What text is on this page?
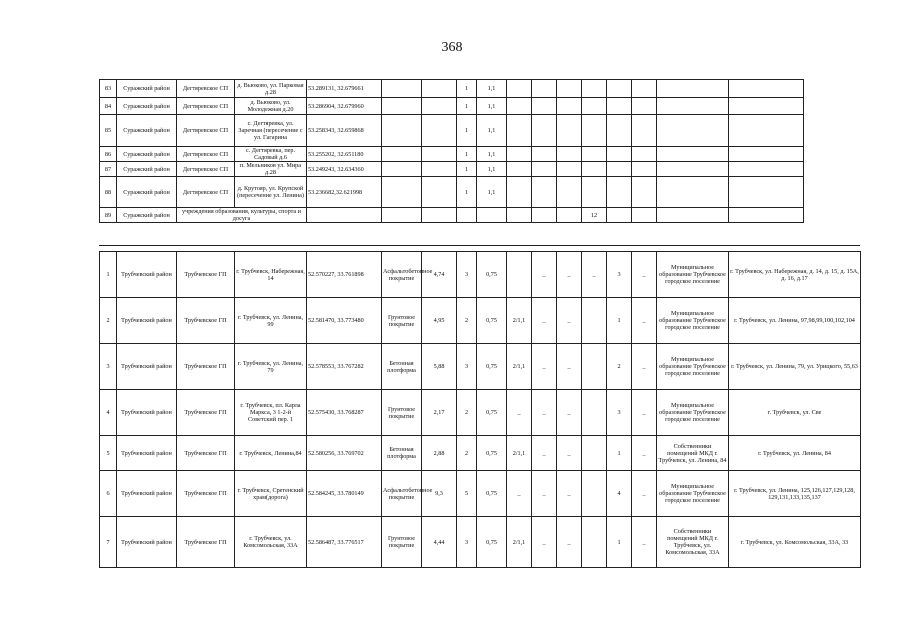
368
83	Суражский район	Дегтяревское СП	д. Вьюково, ул. Парковая д.28	53.289131, 32.679661			1	1,1								
84	Суражский район	Дегтяревское СП	д. Вьюково, ул. Молодежная д.20	53.286904, 32.679960			1	1,1								
85	Суражский район	Дегтяревское СП	с. Дегтяревка, ул. Заречная (пересечение с ул. Гагарина	53.258343, 32.659868			1	1,1								
86	Суражский район	Дегтяревское СП	с. Дегтяревка, пер. Садовый д.6	53.255202, 32.651180			1	1,1								
87	Суражский район	Дегтяревское СП	п. Мельников ул. Мира д.28	53.249243, 32.634360			1	1,1								
88	Суражский район	Дегтяревское СП	д. Крутояр, ул. Крупской (пересечение ул. Ленина)	53.236682,32.621998			1	1,1								
89	Суражский район	учреждения образования, культуры, спорта и досуга										12				
1	Трубчевский район	Трубчевское ГП	г. Трубчевск, Набережная, 14	52.570227, 33.761898	Асфальтобетонное покрытие	4,74	3	0,75		_	_	_	3	_	Муниципальное образование Трубчевское городское поселение	г. Трубчевск, ул. Набережная, д. 14, д. 15, д. 15А, д. 16, д.17
2	Трубчевский район	Трубчевское ГП	г. Трубчевск, ул. Ленина, 99	52.581470, 33.773480	Грунтовое покрытие	4,95	2	0,75	2/1,1	_	_		1	_	Муниципальное образование Трубчевское городское поселение	г. Трубчевск, ул. Ленина, 97,98,99,100,102,104
3	Трубчевский район	Трубчевское ГП	г. Трубчевск, ул. Ленина, 79	52.578553, 33.767282	Бетонная плотформа	5,88	3	0,75	2/1,1	_	_		2	_	Муниципальное образование Трубчевское городское поселение	г. Трубчевск, ул. Ленина, 79, ул. Урицкого, 55,63
4	Трубчевский район	Трубчевское ГП	г. Трубчевск, пл. Карла Маркса, 3 1-2-й Советский пер. 1	52.575430, 33.768287	Грунтовое покрытие	2,17	2	0,75	_	_	_		3	_	Муниципальное образование Трубчевское городское поселение	г. Трубчевск, ул. Све
5	Трубчевский район	Трубчевское ГП	г. Трубчевск, Ленина,84	52.580256, 33.769702	Бетонная плотформа	2,88	2	0,75	2/1,1	_	_		1	_	Собственники помещений МКД г. Трубчевск, ул. Ленина, 84	г. Трубчевск, ул. Ленина, 84
6	Трубчевский район	Трубчевское ГП	г. Трубчевск, Сретенский храм(дорога)	52.584245, 33.780149	Асфальтобетонное покрытие	9,3	5	0,75	_	_	_		4	_	Муниципальное образование Трубчевское городское поселение	г. Трубчевск, ул. Ленина, 125,126,127,129,128, 129,131,133,135,137
7	Трубчевский район	Трубчевское ГП	г. Трубчевск, ул. Комсомольская, 33А	52.586487, 33.776517	Грунтовое покрытие	4,44	3	0,75	2/1,1	_	_		1	_	Собственники помещений МКД г. Трубчевск, ул. Комсомольская, 33А	г. Трубчевск, ул. Комсомольская, 33А, 33
